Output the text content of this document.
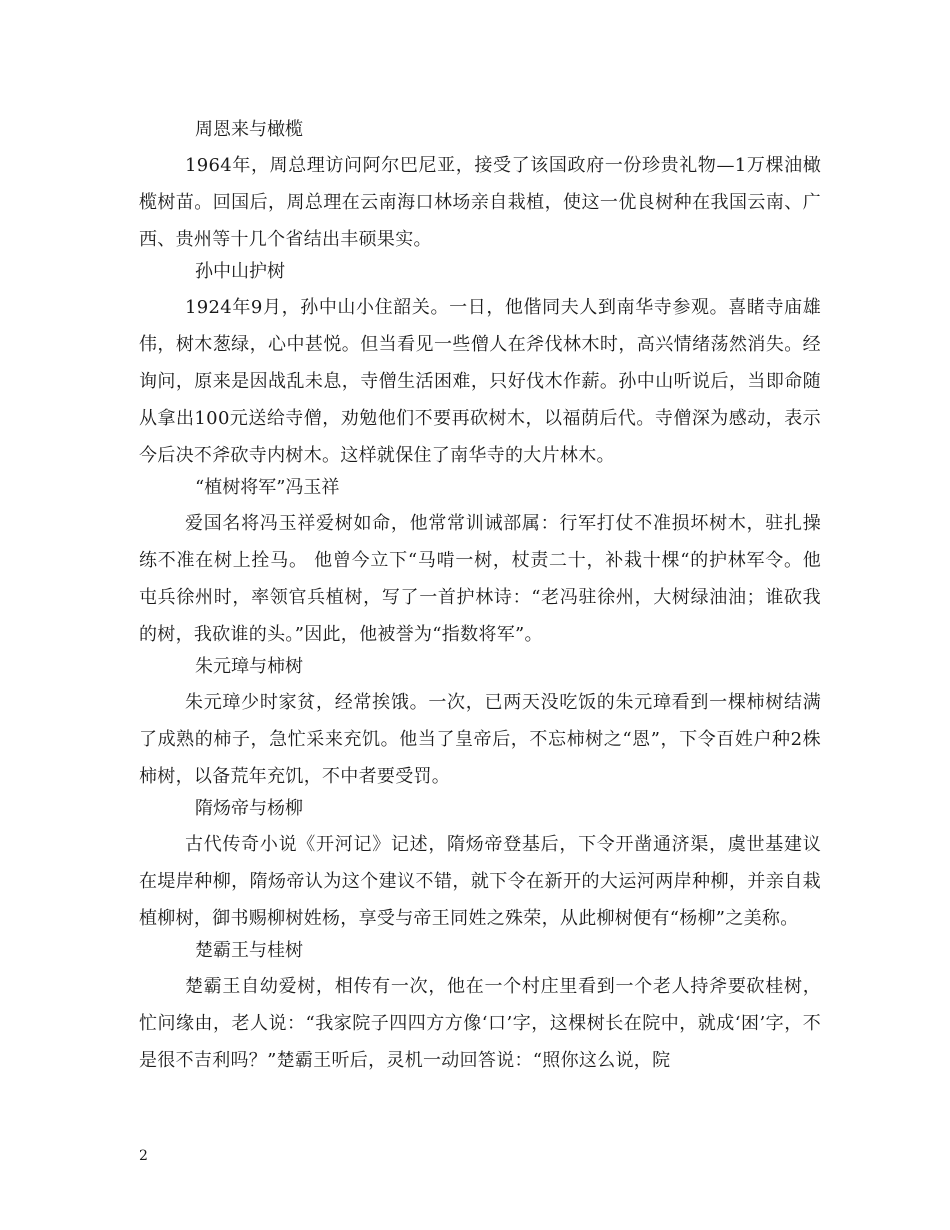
周恩来与橄榄

1964年，周总理访问阿尔巴尼亚，接受了该国政府一份珍贵礼物—1万棵油橄榄树苗。回国后，周总理在云南海口林场亲自栽植，使这一优良树种在我国云南、广西、贵州等十几个省结出丰硕果实。

孙中山护树

1924年9月，孙中山小住韶关。一日，他偕同夫人到南华寺参观。喜睹寺庙雄伟，树木葱绿，心中甚悦。但当看见一些僧人在斧伐林木时，高兴情绪荡然消失。经询问，原来是因战乱未息，寺僧生活困难，只好伐木作薪。孙中山听说后，当即命随从拿出100元送给寺僧，劝勉他们不要再砍树木，以福荫后代。寺僧深为感动，表示今后决不斧砍寺内树木。这样就保住了南华寺的大片林木。

“植树将军”冯玉祥

爱国名将冯玉祥爱树如命，他常常训诫部属：行军打仗不准损坏树木，驻扎操练不准在树上拴马。 他曾今立下“马啃一树，杖责二十，补栽十棵“的护林军令。他屯兵徐州时，率领官兵植树，写了一首护林诗：“老冯驻徐州，大树绿油油；谁砍我的树，我砍谁的头。”因此，他被誉为“指数将军”。

朱元璋与柿树

朱元璋少时家贫，经常挨饿。一次，已两天没吃饭的朱元璋看到一棵柿树结满了成熟的柿子，急忙采来充饥。他当了皇帝后，不忘柿树之“恩”，下令百姓户种2株柿树，以备荒年充饥，不中者要受罚。

隋炀帝与杨柳

古代传奇小说《开河记》记述，隋炀帝登基后，下令开凿通济渠，虞世基建议在堤岸种柳，隋炀帝认为这个建议不错，就下令在新开的大运河两岸种柳，并亲自栽植柳树，御书赐柳树姓杨，享受与帝王同姓之殊荣，从此柳树便有“杨柳”之美称。

楚霸王与桂树

楚霸王自幼爱树，相传有一次，他在一个村庄里看到一个老人持斧要砍桂树，忙问缘由，老人说：“我家院子四四方方像‘口’字，这棵树长在院中，就成‘困’字，不是很不吉利吗？”楚霸王听后，灵机一动回答说：“照你这么说，院

2
